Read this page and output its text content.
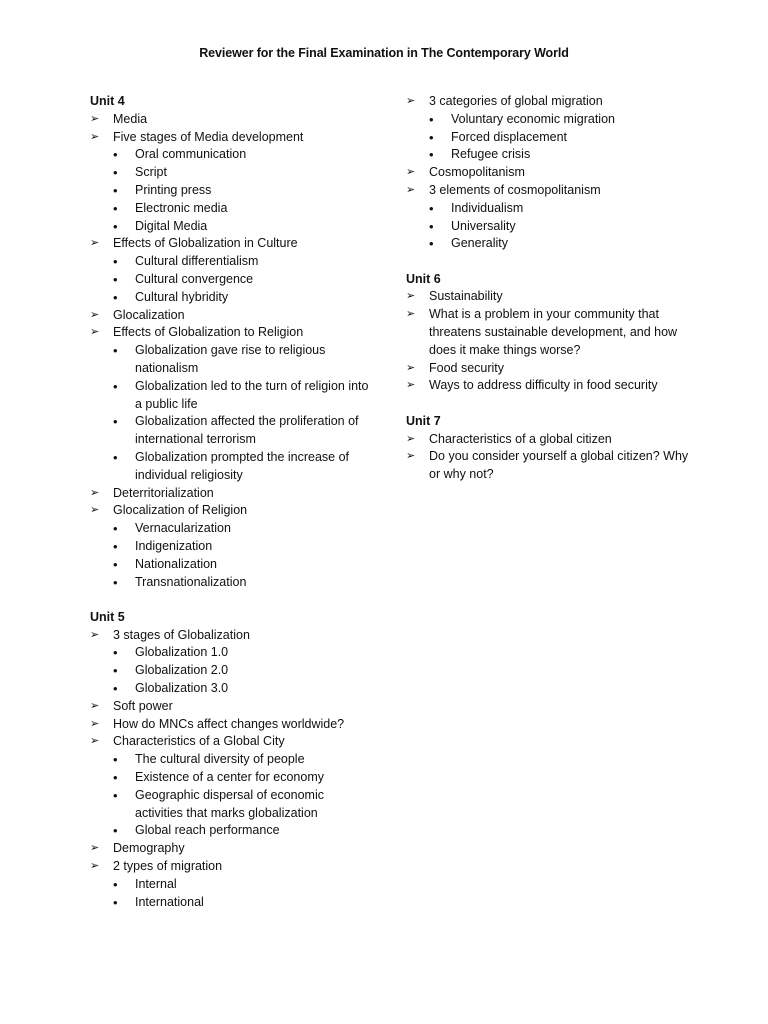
Reviewer for the Final Examination in The Contemporary World
Unit 4
➢ Media
➢ Five stages of Media development
• Oral communication
• Script
• Printing press
• Electronic media
• Digital Media
➢ Effects of Globalization in Culture
• Cultural differentialism
• Cultural convergence
• Cultural hybridity
➢ Glocalization
➢ Effects of Globalization to Religion
• Globalization gave rise to religious nationalism
• Globalization led to the turn of religion into a public life
• Globalization affected the proliferation of international terrorism
• Globalization prompted the increase of individual religiosity
➢ Deterritorialization
➢ Glocalization of Religion
• Vernacularization
• Indigenization
• Nationalization
• Transnationalization
Unit 5
➢ 3 stages of Globalization
• Globalization 1.0
• Globalization 2.0
• Globalization 3.0
➢ Soft power
➢ How do MNCs affect changes worldwide?
➢ Characteristics of a Global City
• The cultural diversity of people
• Existence of a center for economy
• Geographic dispersal of economic activities that marks globalization
• Global reach performance
➢ Demography
➢ 2 types of migration
• Internal
• International
➢ 3 categories of global migration
• Voluntary economic migration
• Forced displacement
• Refugee crisis
➢ Cosmopolitanism
➢ 3 elements of cosmopolitanism
• Individualism
• Universality
• Generality
Unit 6
➢ Sustainability
➢ What is a problem in your community that threatens sustainable development, and how does it make things worse?
➢ Food security
➢ Ways to address difficulty in food security
Unit 7
➢ Characteristics of a global citizen
➢ Do you consider yourself a global citizen? Why or why not?
